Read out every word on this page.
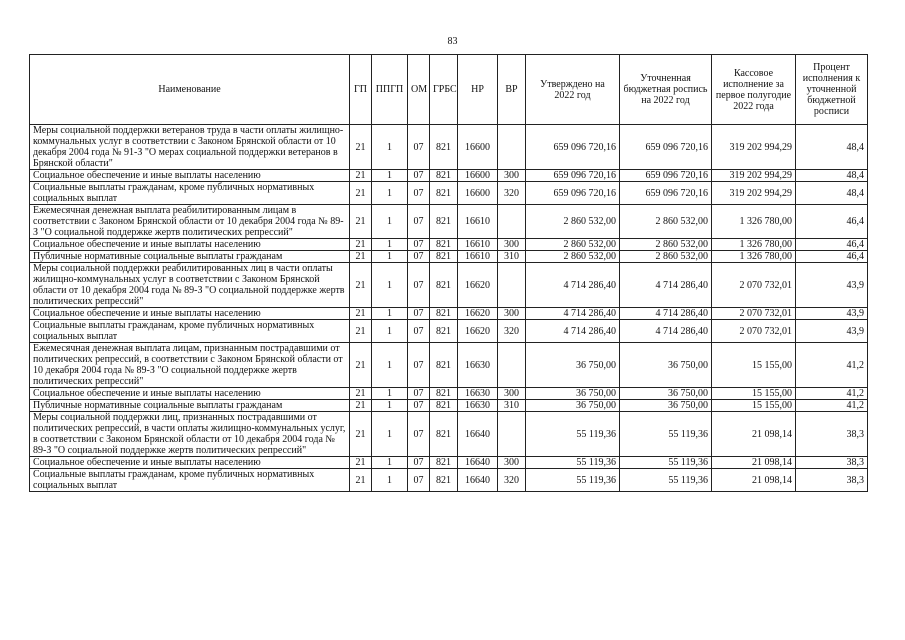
83
Наименование	ГП	ППГП	ОМ	ГРБС	НР	ВР	Утверждено на 2022 год	Уточненная бюджетная роспись на 2022 год	Кассовое исполнение за первое полугодие 2022 года	Процент исполнения к уточненной бюджетной росписи
Меры социальной поддержки ветеранов труда в части оплаты жилищно-коммунальных услуг в соответствии с Законом Брянской области от 10 декабря 2004 года № 91-З "О мерах социальной поддержки ветеранов в Брянской области"	21	1	07	821	16600		659 096 720,16	659 096 720,16	319 202 994,29	48,4
Социальное обеспечение и иные выплаты населению	21	1	07	821	16600	300	659 096 720,16	659 096 720,16	319 202 994,29	48,4
Социальные выплаты гражданам, кроме публичных нормативных социальных выплат	21	1	07	821	16600	320	659 096 720,16	659 096 720,16	319 202 994,29	48,4
Ежемесячная денежная выплата реабилитированным лицам в соответствии с Законом Брянской области от 10 декабря 2004 года № 89-З "О социальной поддержке жертв политических репрессий"	21	1	07	821	16610		2 860 532,00	2 860 532,00	1 326 780,00	46,4
Социальное обеспечение и иные выплаты населению	21	1	07	821	16610	300	2 860 532,00	2 860 532,00	1 326 780,00	46,4
Публичные нормативные социальные выплаты гражданам	21	1	07	821	16610	310	2 860 532,00	2 860 532,00	1 326 780,00	46,4
Меры социальной поддержки реабилитированных лиц в части оплаты жилищно-коммунальных услуг в соответствии с Законом Брянской области от 10 декабря 2004 года № 89-З "О социальной поддержке жертв политических репрессий"	21	1	07	821	16620		4 714 286,40	4 714 286,40	2 070 732,01	43,9
Социальное обеспечение и иные выплаты населению	21	1	07	821	16620	300	4 714 286,40	4 714 286,40	2 070 732,01	43,9
Социальные выплаты гражданам, кроме публичных нормативных социальных выплат	21	1	07	821	16620	320	4 714 286,40	4 714 286,40	2 070 732,01	43,9
Ежемесячная денежная выплата лицам, признанным пострадавшими от политических репрессий, в соответствии с Законом Брянской области от 10 декабря 2004 года № 89-З "О социальной поддержке жертв политических репрессий"	21	1	07	821	16630		36 750,00	36 750,00	15 155,00	41,2
Социальное обеспечение и иные выплаты населению	21	1	07	821	16630	300	36 750,00	36 750,00	15 155,00	41,2
Публичные нормативные социальные выплаты гражданам	21	1	07	821	16630	310	36 750,00	36 750,00	15 155,00	41,2
Меры социальной поддержки лиц, признанных пострадавшими от политических репрессий, в части оплаты жилищно-коммунальных услуг, в соответствии с Законом Брянской области от 10 декабря 2004 года № 89-З "О социальной поддержке жертв политических репрессий"	21	1	07	821	16640		55 119,36	55 119,36	21 098,14	38,3
Социальное обеспечение и иные выплаты населению	21	1	07	821	16640	300	55 119,36	55 119,36	21 098,14	38,3
Социальные выплаты гражданам, кроме публичных нормативных социальных выплат	21	1	07	821	16640	320	55 119,36	55 119,36	21 098,14	38,3
